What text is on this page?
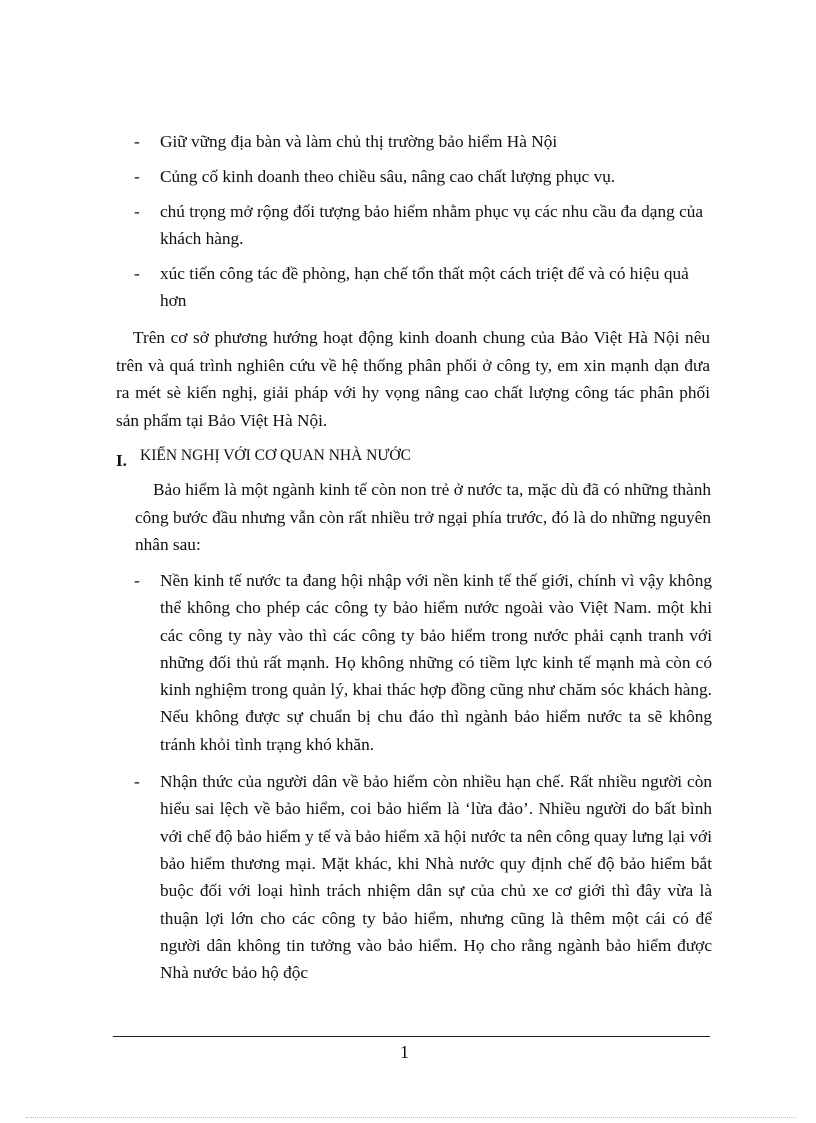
- Giữ vững địa bàn và làm chủ thị trường bảo hiểm Hà Nội
- Củng cố kinh doanh theo chiều sâu, nâng cao chất lượng phục vụ.
- chú trọng mở rộng đối tượng bảo hiểm nhằm phục vụ các nhu cầu đa dạng của khách hàng.
- xúc tiến công tác đề phòng, hạn chế tổn thất một cách triệt để và có hiệu quả hơn

Trên cơ sở phương hướng hoạt động kinh doanh chung của Bảo Việt Hà Nội nêu trên và quá trình nghiên cứu về hệ thống phân phối ở công ty, em xin mạnh dạn đưa ra mét sè kiến nghị, giải pháp với hy vọng nâng cao chất lượng công tác phân phối sản phẩm tại Bảo Việt Hà Nội.

I. KIẾN NGHỊ VỚI CƠ QUAN NHÀ NƯỚC

Bảo hiểm là một ngành kinh tế còn non trẻ ở nước ta, mặc dù đã có những thành công bước đầu nhưng vẫn còn rất nhiều trở ngại phía trước, đó là do những nguyên nhân sau:

- Nền kinh tế nước ta đang hội nhập với nền kinh tế thế giới, chính vì vậy không thể không cho phép các công ty bảo hiểm nước ngoài vào Việt Nam. một khi các công ty này vào thì các công ty bảo hiểm trong nước phải cạnh tranh với những đối thủ rất mạnh. Họ không những có tiềm lực kinh tế mạnh mà còn có kinh nghiệm trong quản lý, khai thác hợp đồng cũng như chăm sóc khách hàng. Nếu không được sự chuẩn bị chu đáo thì ngành bảo hiểm nước ta sẽ không tránh khỏi tình trạng khó khăn.
- Nhận thức của người dân về bảo hiểm còn nhiều hạn chế. Rất nhiều người còn hiểu sai lệch về bảo hiểm, coi bảo hiểm là ‘lừa đảo’. Nhiều người do bất bình với chế độ bảo hiểm y tế và bảo hiểm xã hội nước ta nên công quay lưng lại với bảo hiểm thương mại. Mặt khác, khi Nhà nước quy định chế độ bảo hiểm bắt buộc đối với loại hình trách nhiệm dân sự của chủ xe cơ giới thì đây vừa là thuận lợi lớn cho các công ty bảo hiểm, nhưng cũng là thêm một cái có để người dân không tin tưởng vào bảo hiểm. Họ cho rằng ngành bảo hiểm được Nhà nước bảo hộ độc
1
